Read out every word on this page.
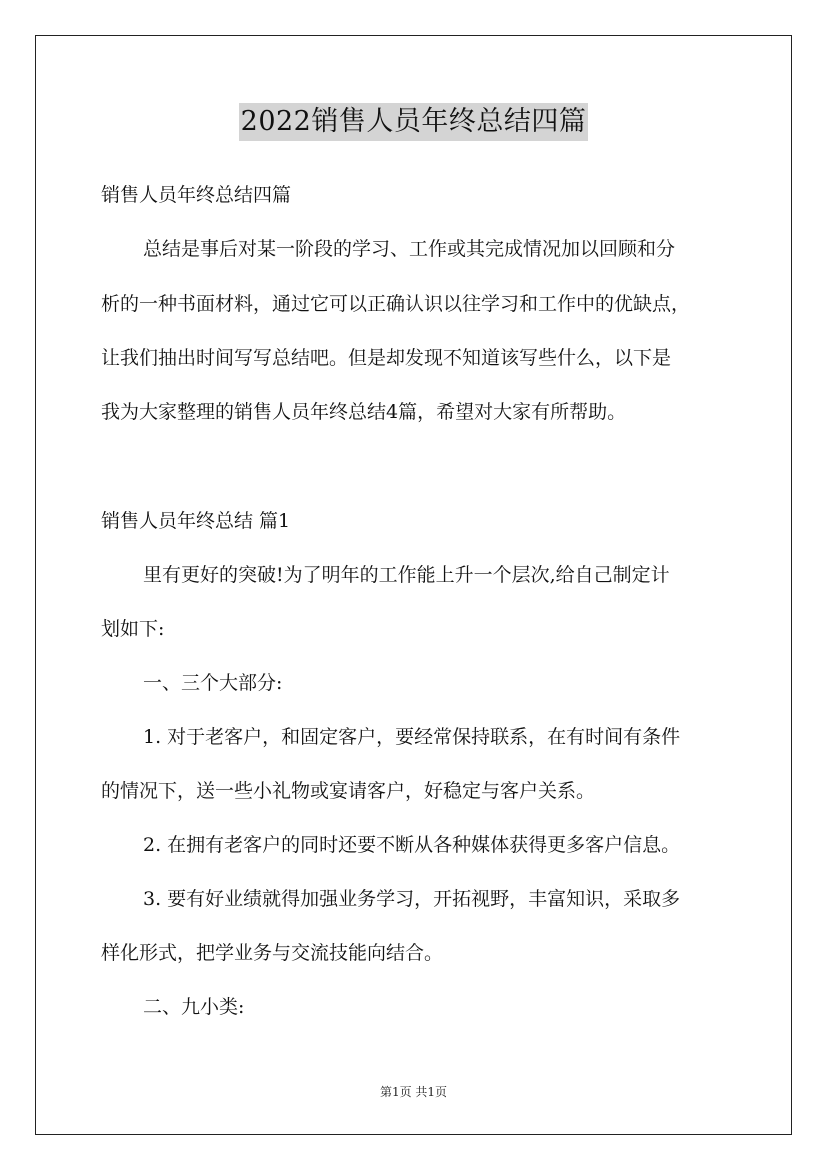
2022销售人员年终总结四篇
销售人员年终总结四篇
总结是事后对某一阶段的学习、工作或其完成情况加以回顾和分
析的一种书面材料，通过它可以正确认识以往学习和工作中的优缺点，
让我们抽出时间写写总结吧。但是却发现不知道该写些什么，以下是
我为大家整理的销售人员年终总结4篇，希望对大家有所帮助。
销售人员年终总结 篇1
里有更好的突破!为了明年的工作能上升一个层次,给自己制定计
划如下:
一、三个大部分:
1. 对于老客户，和固定客户，要经常保持联系，在有时间有条件
的情况下，送一些小礼物或宴请客户，好稳定与客户关系。
2. 在拥有老客户的同时还要不断从各种媒体获得更多客户信息。
3. 要有好业绩就得加强业务学习，开拓视野，丰富知识，采取多
样化形式，把学业务与交流技能向结合。
二、九小类:
第1页 共1页
